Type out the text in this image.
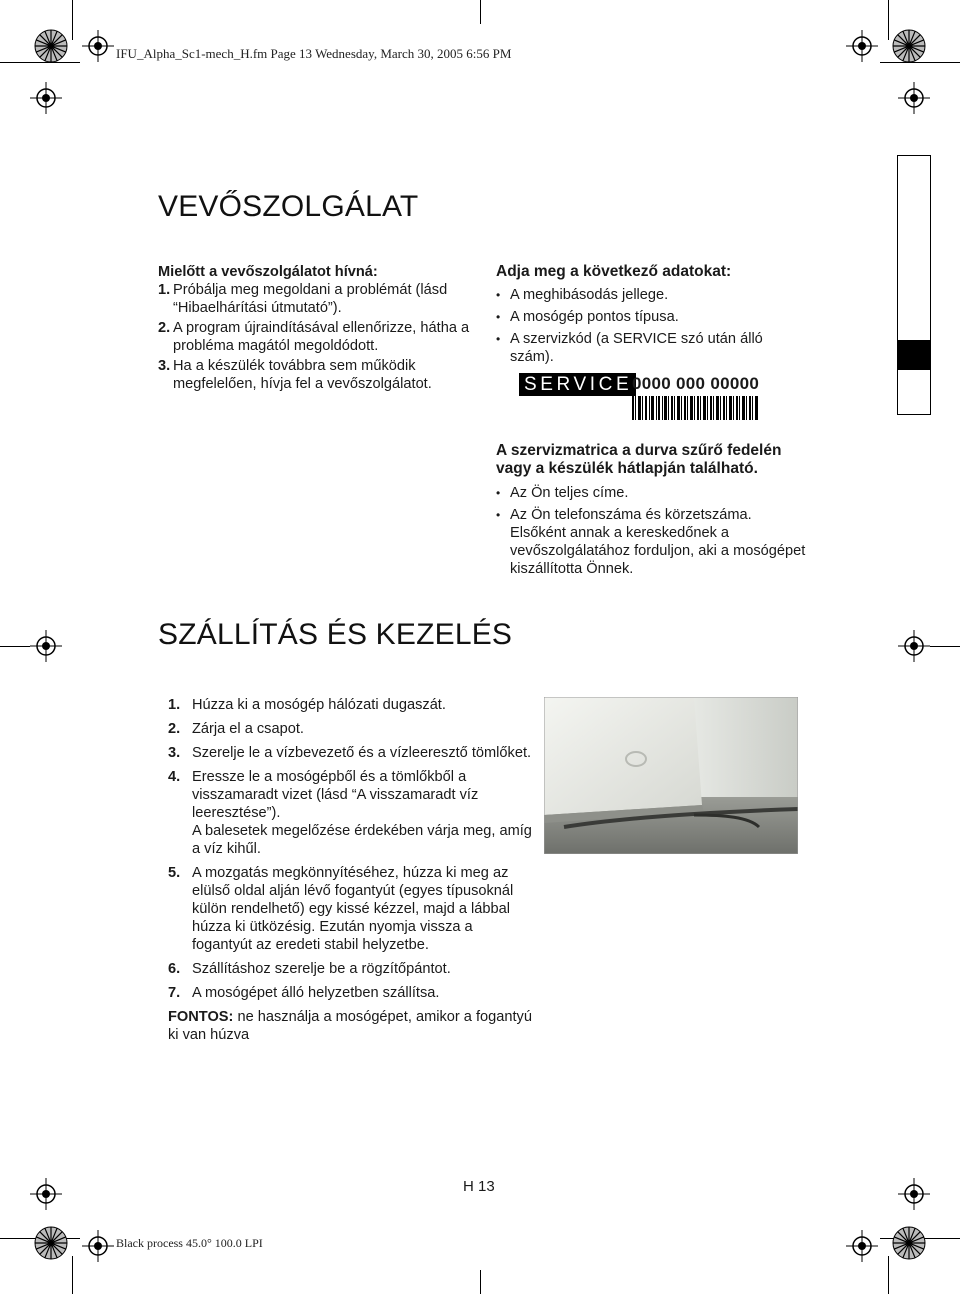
IFU_Alpha_Sc1-mech_H.fm Page 13 Wednesday, March 30, 2005 6:56 PM
Black process 45.0° 100.0 LPI
VEVŐSZOLGÁLAT
Mielőtt a vevőszolgálatot hívná:
1. Próbálja meg megoldani a problémát (lásd “Hibaelhárítási útmutató”).
2. A program újraindításával ellenőrizze, hátha a probléma magától megoldódott.
3. Ha a készülék továbbra sem működik megfelelően, hívja fel a vevőszolgálatot.
Adja meg a következő adatokat:
• A meghibásodás jellege.
• A mosógép pontos típusa.
• A szervizkód (a SERVICE szó után álló szám).
SERVICE 0000 000 00000
A szervizmatrica a durva szűrő fedelén vagy a készülék hátlapján található.
• Az Ön teljes címe.
• Az Ön telefonszáma és körzetszáma.
Elsőként annak a kereskedőnek a vevőszolgálatához forduljon, aki a mosógépet kiszállította Önnek.
SZÁLLÍTÁS ÉS KEZELÉS
1. Húzza ki a mosógép hálózati dugaszát.
2. Zárja el a csapot.
3. Szerelje le a vízbevezető és a vízleeresztő tömlőket.
4. Eressze le a mosógépből és a tömlőkből a visszamaradt vizet (lásd “A visszamaradt víz leeresztése”).
A balesetek megelőzése érdekében várja meg, amíg a víz kihűl.
5. A mozgatás megkönnyítéséhez, húzza ki meg az elülső oldal alján lévő fogantyút (egyes típusoknál külön rendelhető) egy kissé kézzel, majd a lábbal húzza ki ütközésig. Ezután nyomja vissza a fogantyút az eredeti stabil helyzetbe.
6. Szállításhoz szerelje be a rögzítőpántot.
7. A mosógépet álló helyzetben szállítsa.
FONTOS: ne használja a mosógépet, amikor a fogantyú ki van húzva
H 13
